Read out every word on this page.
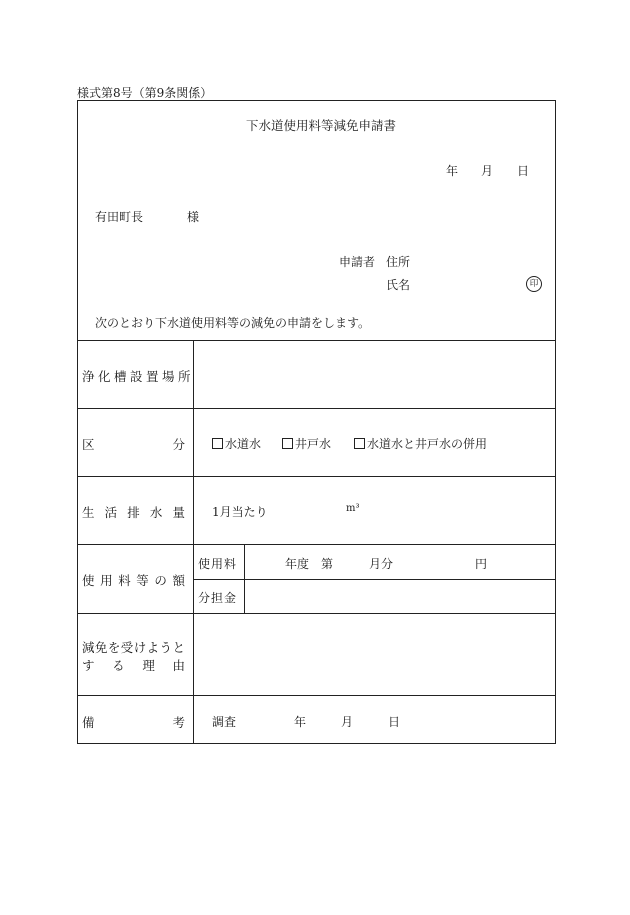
様式第8号（第9条関係）
下水道使用料等減免申請書
年 月 日
有田町長	様
申請者 住所
氏名	印
次のとおり下水道使用料等の減免の申請をします。
浄化槽設置場所
区	分	水道水	井戸水	水道水と井戸水の併用
生 活 排 水 量 1月当たり	m³
使 用 料 等 の 額
使用料	年度 第	月分	円
分担金
減 免 を 受 け よ う と
す る 理 由
備	考 調査	年	月	日
